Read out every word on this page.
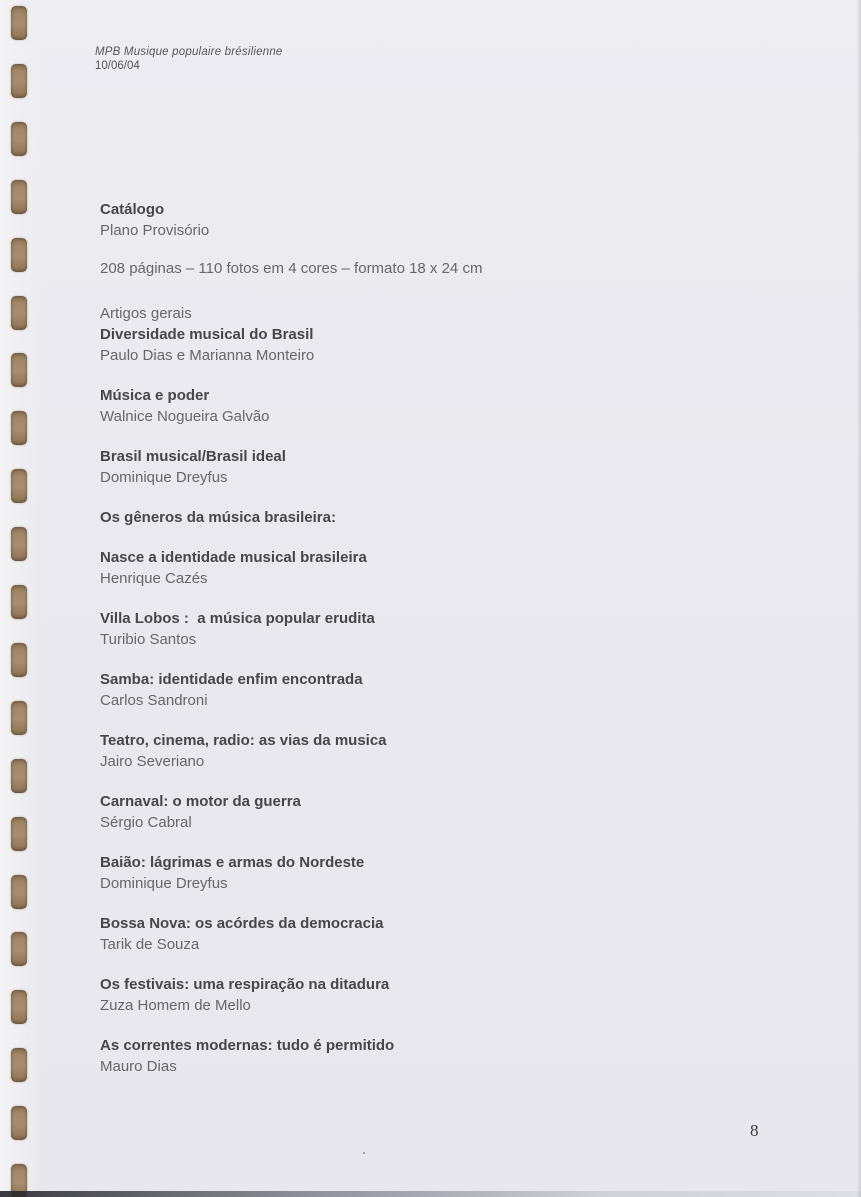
MPB Musique populaire brésilienne
10/06/04
Catálogo
Plano Provisório
208 páginas – 110 fotos em 4 cores – formato 18 x 24 cm
Artigos gerais
Diversidade musical do Brasil
Paulo Dias e Marianna Monteiro
Música e poder
Walnice Nogueira Galvão
Brasil musical/Brasil ideal
Dominique Dreyfus
Os gêneros da música brasileira:
Nasce a identidade musical brasileira
Henrique Cazés
Villa Lobos :  a música popular erudita
Turibio Santos
Samba: identidade enfim encontrada
Carlos Sandroni
Teatro, cinema, radio: as vias da musica
Jairo Severiano
Carnaval: o motor da guerra
Sérgio Cabral
Baião: lágrimas e armas do Nordeste
Dominique Dreyfus
Bossa Nova: os acórdes da democracia
Tarik de Souza
Os festivais: uma respiração na ditadura
Zuza Homem de Mello
As correntes modernas: tudo é permitido
Mauro Dias
8
